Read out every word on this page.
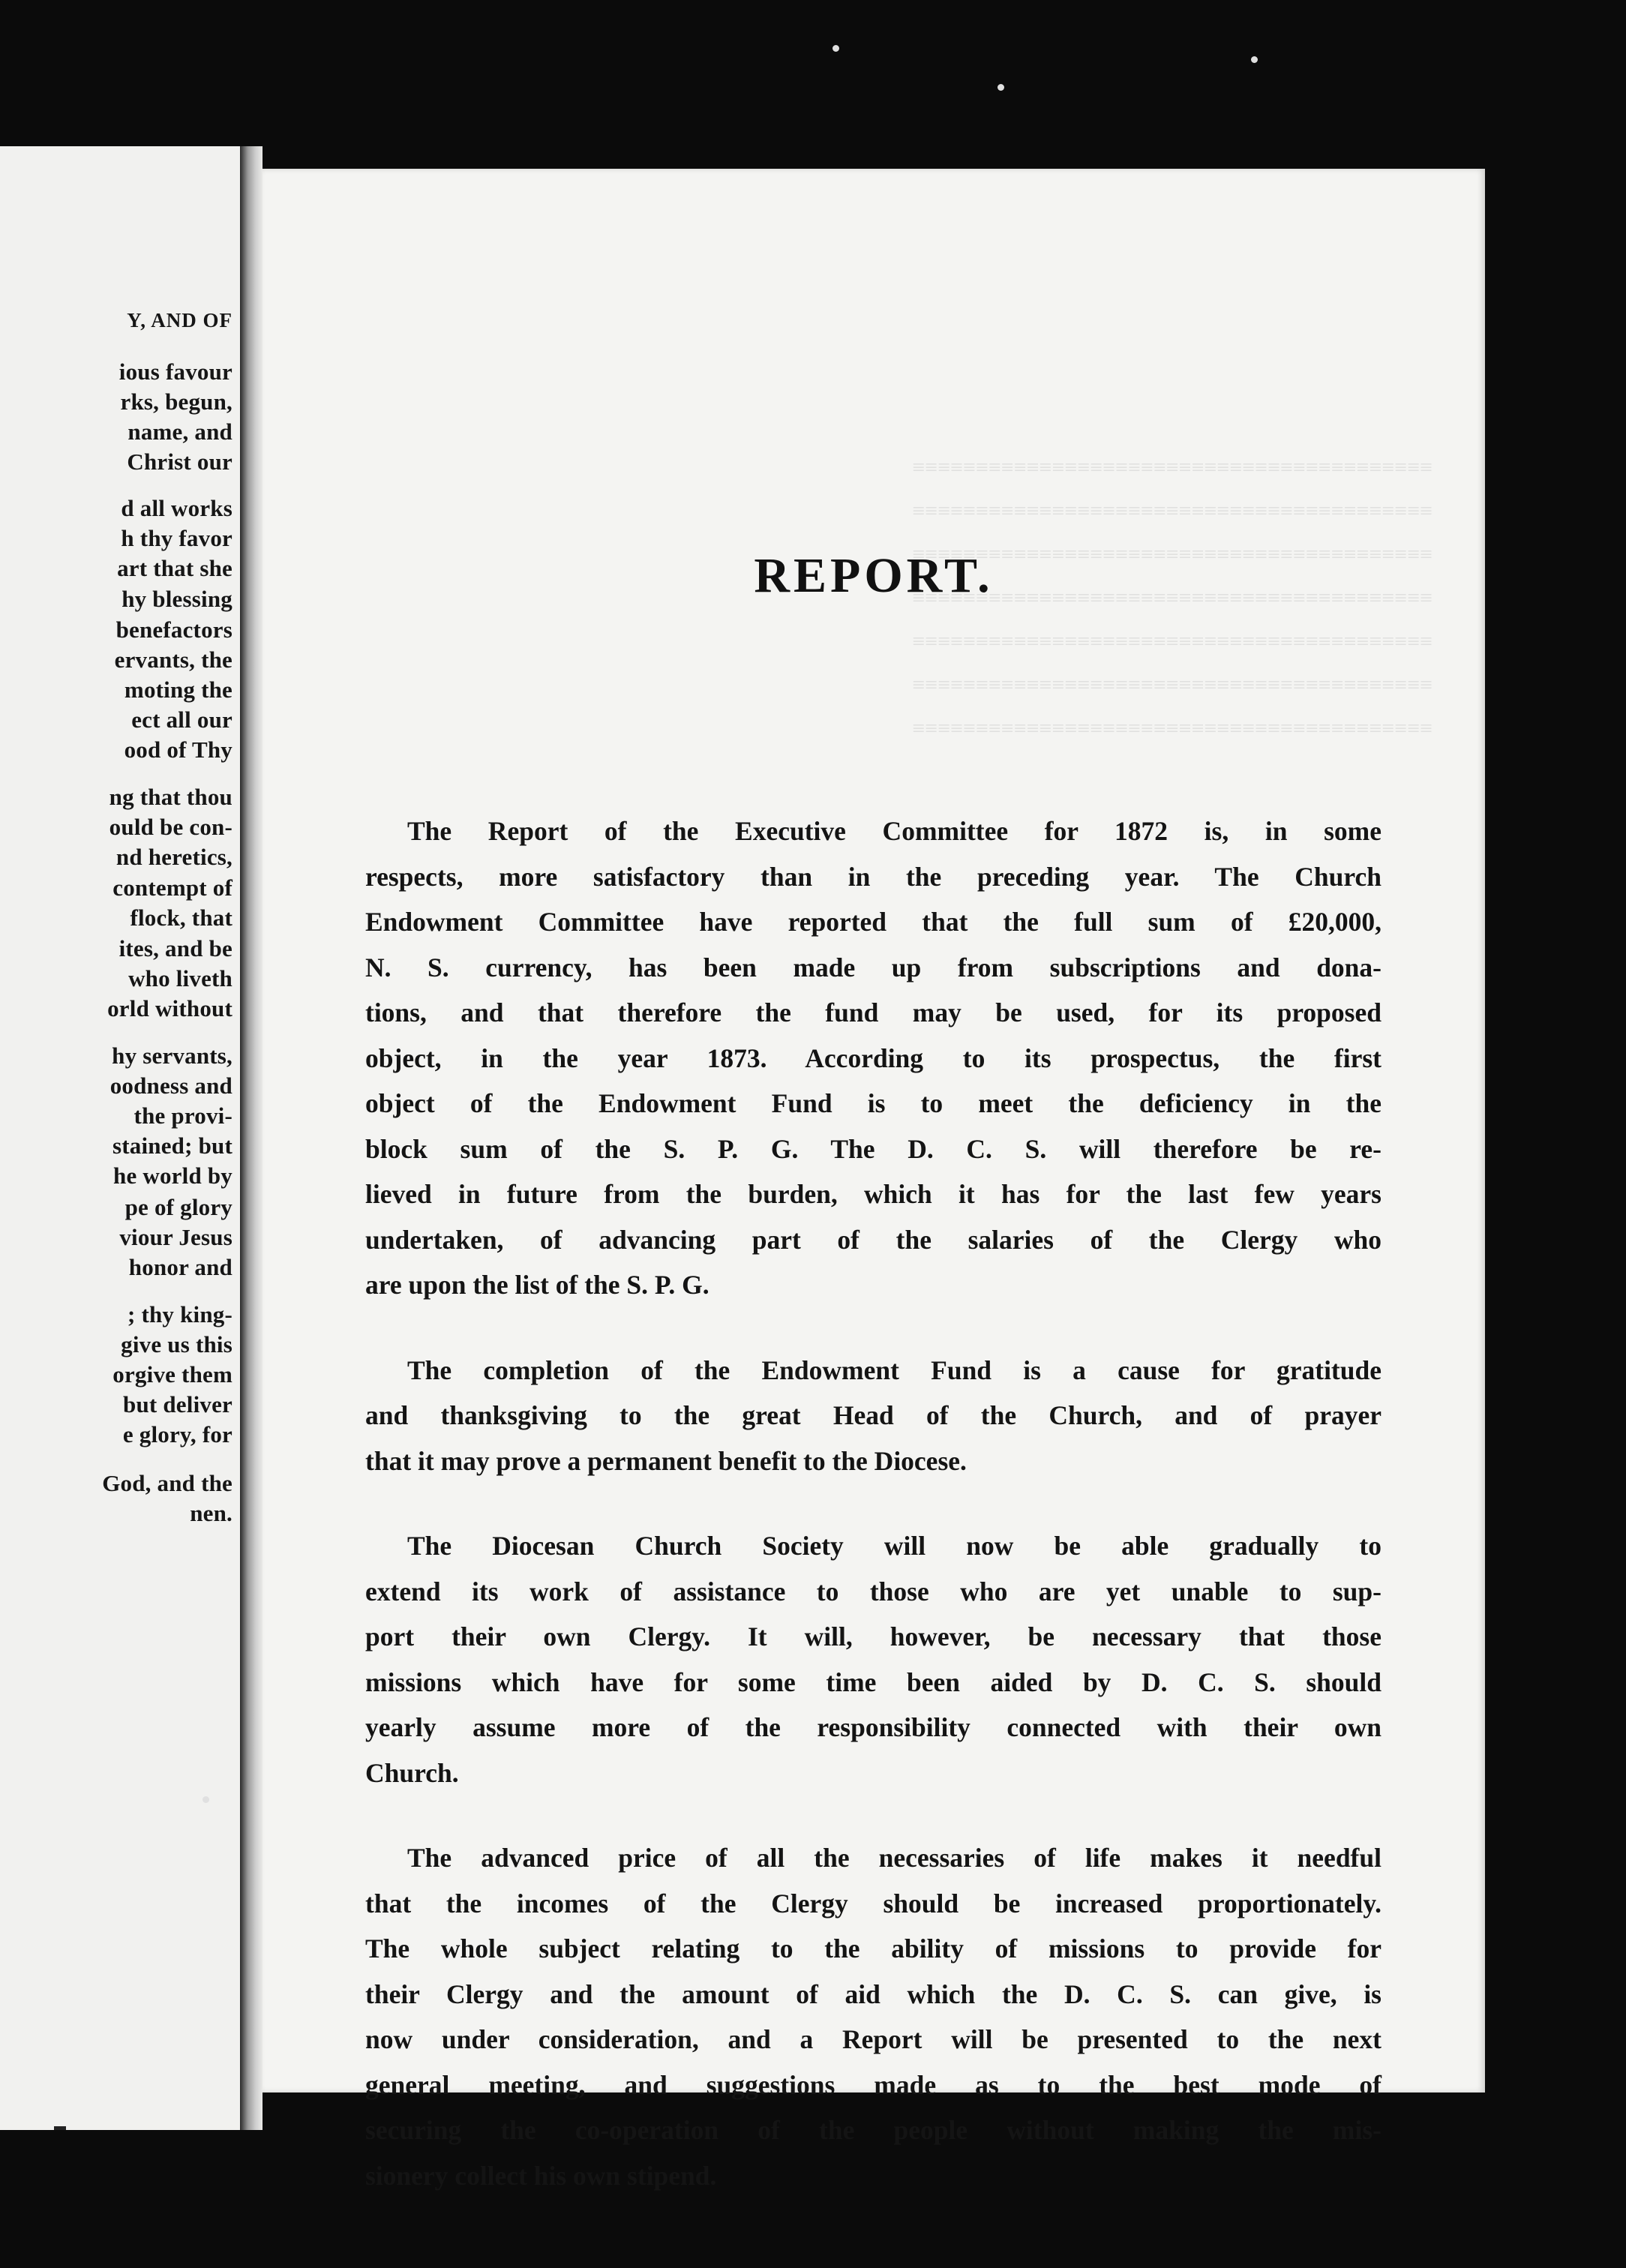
Y, AND OF
ious favour
rks, begun,
name, and
Christ our
d all works
h thy favor
art that she
hy blessing
benefactors
ervants, the
moting the
ect all our
ood of Thy
ng that thou
ould be con-
nd heretics,
contempt of
flock, that
ites, and be
who liveth
orld without
hy servants,
oodness and
the provi-
stained; but
he world by
pe of glory
viour Jesus
honor and
; thy king-
give us this
orgive them
but deliver
e glory, for
God, and the
nen.
≡≡≡≡≡≡≡≡≡≡≡≡≡≡≡≡≡≡≡≡≡≡≡≡≡≡≡≡≡≡≡≡≡≡≡≡≡≡≡≡≡
≡≡≡≡≡≡≡≡≡≡≡≡≡≡≡≡≡≡≡≡≡≡≡≡≡≡≡≡≡≡≡≡≡≡≡≡≡≡≡≡≡
≡≡≡≡≡≡≡≡≡≡≡≡≡≡≡≡≡≡≡≡≡≡≡≡≡≡≡≡≡≡≡≡≡≡≡≡≡≡≡≡≡
≡≡≡≡≡≡≡≡≡≡≡≡≡≡≡≡≡≡≡≡≡≡≡≡≡≡≡≡≡≡≡≡≡≡≡≡≡≡≡≡≡
≡≡≡≡≡≡≡≡≡≡≡≡≡≡≡≡≡≡≡≡≡≡≡≡≡≡≡≡≡≡≡≡≡≡≡≡≡≡≡≡≡
≡≡≡≡≡≡≡≡≡≡≡≡≡≡≡≡≡≡≡≡≡≡≡≡≡≡≡≡≡≡≡≡≡≡≡≡≡≡≡≡≡
≡≡≡≡≡≡≡≡≡≡≡≡≡≡≡≡≡≡≡≡≡≡≡≡≡≡≡≡≡≡≡≡≡≡≡≡≡≡≡≡≡
REPORT.
The Report of the Executive Committee for 1872 is, in some
respects, more satisfactory than in the preceding year. The Church
Endowment Committee have reported that the full sum of £20,000,
N. S. currency, has been made up from subscriptions and dona-
tions, and that therefore the fund may be used, for its proposed
object, in the year 1873. According to its prospectus, the first
object of the Endowment Fund is to meet the deficiency in the
block sum of the S. P. G. The D. C. S. will therefore be re-
lieved in future from the burden, which it has for the last few years
undertaken, of advancing part of the salaries of the Clergy who
are upon the list of the S. P. G.
The completion of the Endowment Fund is a cause for gratitude
and thanksgiving to the great Head of the Church, and of prayer
that it may prove a permanent benefit to the Diocese.
The Diocesan Church Society will now be able gradually to
extend its work of assistance to those who are yet unable to sup-
port their own Clergy. It will, however, be necessary that those
missions which have for some time been aided by D. C. S. should
yearly assume more of the responsibility connected with their own
Church.
The advanced price of all the necessaries of life makes it needful
that the incomes of the Clergy should be increased proportionately.
The whole subject relating to the ability of missions to provide for
their Clergy and the amount of aid which the D. C. S. can give, is
now under consideration, and a Report will be presented to the next
general meeting, and suggestions made as to the best mode of
securing the co-operation of the people without making the mis-
sionery collect his own stipend.
